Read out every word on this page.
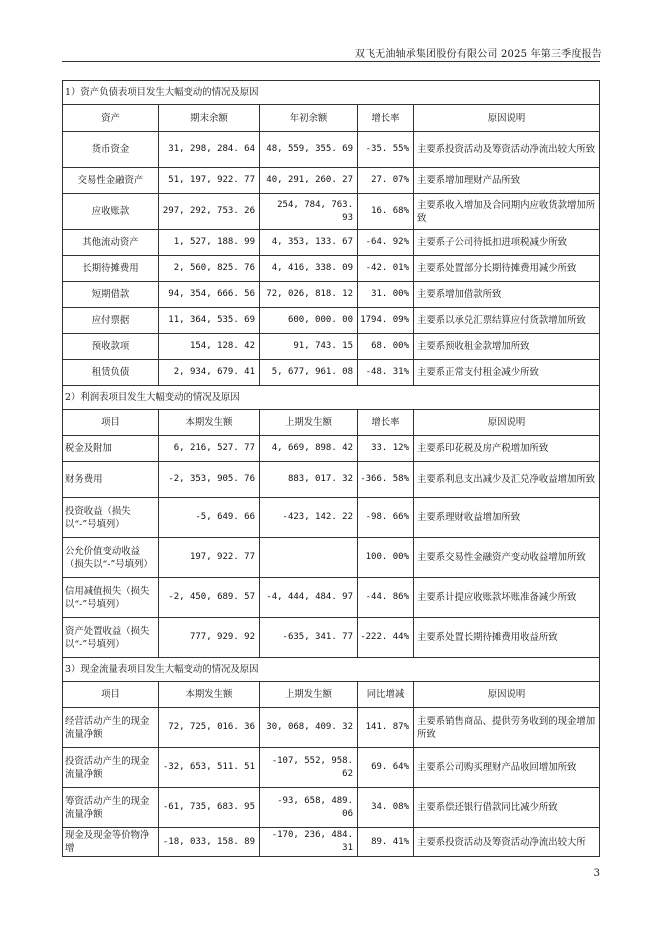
双飞无油轴承集团股份有限公司 2025 年第三季度报告
1）资产负债表项目发生大幅变动的情况及原因				
资产	期末余额	年初余额	增长率	原因说明
货币资金	31, 298, 284. 64	48, 559, 355. 69	-35. 55%	主要系投资活动及筹资活动净流出较大所致
交易性金融资产	51, 197, 922. 77	40, 291, 260. 27	27. 07%	主要系增加理财产品所致
应收账款	297, 292, 753. 26	254, 784, 763. 93	16. 68%	主要系收入增加及合同期内应收货款增加所致
其他流动资产	1, 527, 188. 99	4, 353, 133. 67	-64. 92%	主要系子公司待抵扣进项税减少所致
长期待摊费用	2, 560, 825. 76	4, 416, 338. 09	-42. 01%	主要系处置部分长期待摊费用减少所致
短期借款	94, 354, 666. 56	72, 026, 818. 12	31. 00%	主要系增加借款所致
应付票据	11, 364, 535. 69	600, 000. 00	1794. 09%	主要系以承兑汇票结算应付货款增加所致
预收款项	154, 128. 42	91, 743. 15	68. 00%	主要系预收租金款增加所致
租赁负债	2, 934, 679. 41	5, 677, 961. 08	-48. 31%	主要系正常支付租金减少所致
2）利润表项目发生大幅变动的情况及原因				
项目	本期发生额	上期发生额	增长率	原因说明
税金及附加	6, 216, 527. 77	4, 669, 898. 42	33. 12%	主要系印花税及房产税增加所致
财务费用	-2, 353, 905. 76	883, 017. 32	-366. 58%	主要系利息支出减少及汇兑净收益增加所致
投资收益（损失以“-”号填列）	-5, 649. 66	-423, 142. 22	-98. 66%	主要系理财收益增加所致
公允价值变动收益（损失以“-”号填列）	197, 922. 77		100. 00%	主要系交易性金融资产变动收益增加所致
信用减值损失（损失以“-”号填列）	-2, 450, 689. 57	-4, 444, 484. 97	-44. 86%	主要系计提应收账款坏账准备减少所致
资产处置收益（损失以“-”号填列）	777, 929. 92	-635, 341. 77	-222. 44%	主要系处置长期待摊费用收益所致
3）现金流量表项目发生大幅变动的情况及原因				
项目	本期发生额	上期发生额	同比增减	原因说明
经营活动产生的现金流量净额	72, 725, 016. 36	30, 068, 409. 32	141. 87%	主要系销售商品、提供劳务收到的现金增加所致
投资活动产生的现金流量净额	-32, 653, 511. 51	-107, 552, 958. 62	69. 64%	主要系公司购买理财产品收回增加所致
筹资活动产生的现金流量净额	-61, 735, 683. 95	-93, 658, 489. 06	34. 08%	主要系偿还银行借款同比减少所致
现金及现金等价物净增	-18, 033, 158. 89	-170, 236, 484. 31	89. 41%	主要系投资活动及筹资活动净流出较大所
3
